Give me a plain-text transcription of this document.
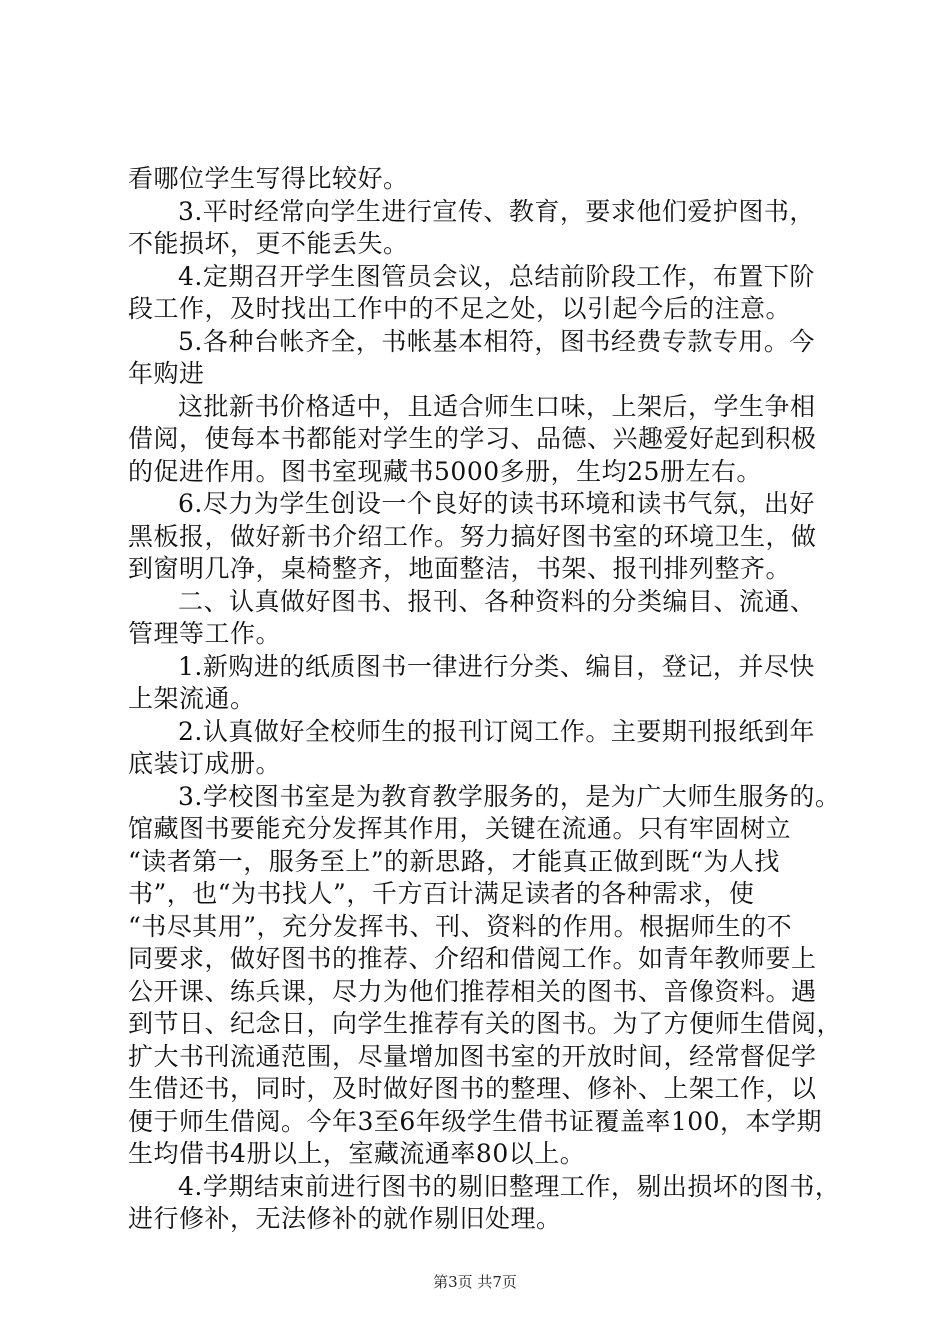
看哪位学生写得比较好。
3.平时经常向学生进行宣传、教育，要求他们爱护图书，
不能损坏，更不能丢失。
4.定期召开学生图管员会议，总结前阶段工作，布置下阶
段工作，及时找出工作中的不足之处，以引起今后的注意。
5.各种台帐齐全，书帐基本相符，图书经费专款专用。今
年购进
这批新书价格适中，且适合师生口味，上架后，学生争相
借阅，使每本书都能对学生的学习、品德、兴趣爱好起到积极
的促进作用。图书室现藏书5000多册，生均25册左右。
6.尽力为学生创设一个良好的读书环境和读书气氛，出好
黑板报，做好新书介绍工作。努力搞好图书室的环境卫生，做
到窗明几净，桌椅整齐，地面整洁，书架、报刊排列整齐。
二、认真做好图书、报刊、各种资料的分类编目、流通、
管理等工作。
1.新购进的纸质图书一律进行分类、编目，登记，并尽快
上架流通。
2.认真做好全校师生的报刊订阅工作。主要期刊报纸到年
底装订成册。
3.学校图书室是为教育教学服务的，是为广大师生服务的。
馆藏图书要能充分发挥其作用，关键在流通。只有牢固树立
“读者第一，服务至上”的新思路，才能真正做到既“为人找
书”，也“为书找人”，千方百计满足读者的各种需求，使
“书尽其用”，充分发挥书、刊、资料的作用。根据师生的不
同要求，做好图书的推荐、介绍和借阅工作。如青年教师要上
公开课、练兵课，尽力为他们推荐相关的图书、音像资料。遇
到节日、纪念日，向学生推荐有关的图书。为了方便师生借阅，
扩大书刊流通范围，尽量增加图书室的开放时间，经常督促学
生借还书，同时，及时做好图书的整理、修补、上架工作，以
便于师生借阅。今年3至6年级学生借书证覆盖率100，本学期
生均借书4册以上，室藏流通率80以上。
4.学期结束前进行图书的剔旧整理工作，剔出损坏的图书，
进行修补，无法修补的就作剔旧处理。
第3页 共7页
